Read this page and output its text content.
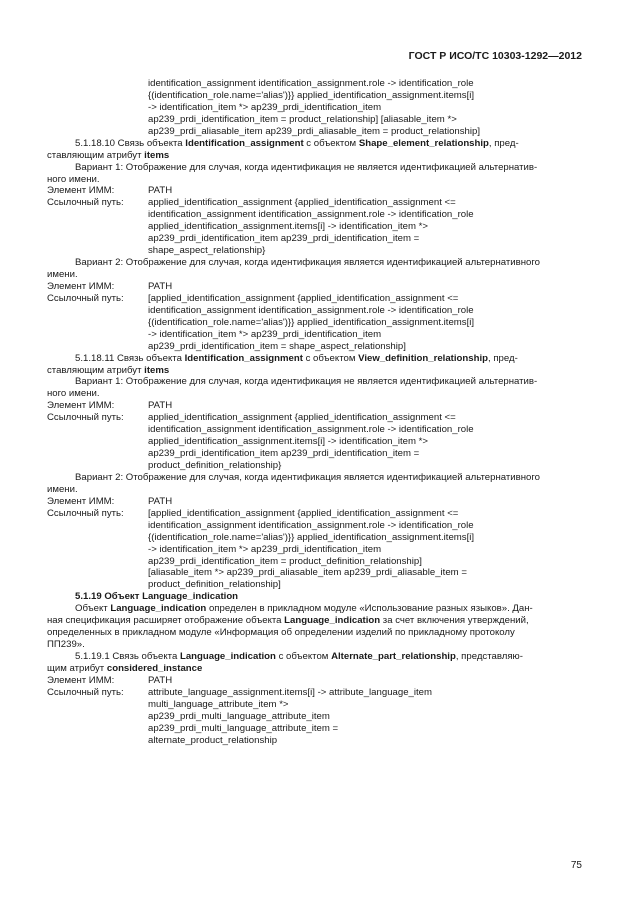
ГОСТ Р ИСО/ТС 10303-1292—2012
identification_assignment identification_assignment.role -> identification_role
{(identification_role.name='alias')}} applied_identification_assignment.items[i]
-> identification_item *> ap239_prdi_identification_item
ap239_prdi_identification_item = product_relationship] [aliasable_item *>
ap239_prdi_aliasable_item ap239_prdi_aliasable_item = product_relationship]
5.1.18.10 Связь объекта Identification_assignment с объектом Shape_element_relationship, пред-
ставляющим атрибут items
Вариант 1: Отображение для случая, когда идентификация не является идентификацией альтернатив-
ного имени.
Элемент ИММ:	PATH
Ссылочный путь:	applied_identification_assignment {applied_identification_assignment <=
identification_assignment identification_assignment.role -> identification_role
applied_identification_assignment.items[i] -> identification_item *>
ap239_prdi_identification_item ap239_prdi_identification_item =
shape_aspect_relationship}
Вариант 2: Отображение для случая, когда идентификация является идентификацией альтернативного
имени.
Элемент ИММ:	PATH
Ссылочный путь:	[applied_identification_assignment {applied_identification_assignment <=
identification_assignment identification_assignment.role -> identification_role
{(identification_role.name='alias')}} applied_identification_assignment.items[i]
-> identification_item *> ap239_prdi_identification_item
ap239_prdi_identification_item = shape_aspect_relationship]
5.1.18.11 Связь объекта Identification_assignment с объектом View_definition_relationship, пред-
ставляющим атрибут items
Вариант 1: Отображение для случая, когда идентификация не является идентификацией альтернатив-
ного имени.
Элемент ИММ:	PATH
Ссылочный путь:	applied_identification_assignment {applied_identification_assignment <=
identification_assignment identification_assignment.role -> identification_role
applied_identification_assignment.items[i] -> identification_item *>
ap239_prdi_identification_item ap239_prdi_identification_item =
product_definition_relationship}
Вариант 2: Отображение для случая, когда идентификация является идентификацией альтернативного
имени.
Элемент ИММ:	PATH
Ссылочный путь:	[applied_identification_assignment {applied_identification_assignment <=
identification_assignment identification_assignment.role -> identification_role
{(identification_role.name='alias')}} applied_identification_assignment.items[i]
-> identification_item *> ap239_prdi_identification_item
ap239_prdi_identification_item = product_definition_relationship]
[aliasable_item *> ap239_prdi_aliasable_item ap239_prdi_aliasable_item =
product_definition_relationship]
5.1.19 Объект Language_indication
Объект Language_indication определен в прикладном модуле «Использование разных языков». Дан-
ная спецификация расширяет отображение объекта Language_indication за счет включения утверждений,
определенных в прикладном модуле «Информация об определении изделий по прикладному протоколу
ПП239».
5.1.19.1 Связь объекта Language_indication с объектом Alternate_part_relationship, представляю-
щим атрибут considered_instance
Элемент ИММ:	PATH
Ссылочный путь:	attribute_language_assignment.items[i] -> attribute_language_item
multi_language_attribute_item *>
ap239_prdi_multi_language_attribute_item
ap239_prdi_multi_language_attribute_item =
alternate_product_relationship
75
